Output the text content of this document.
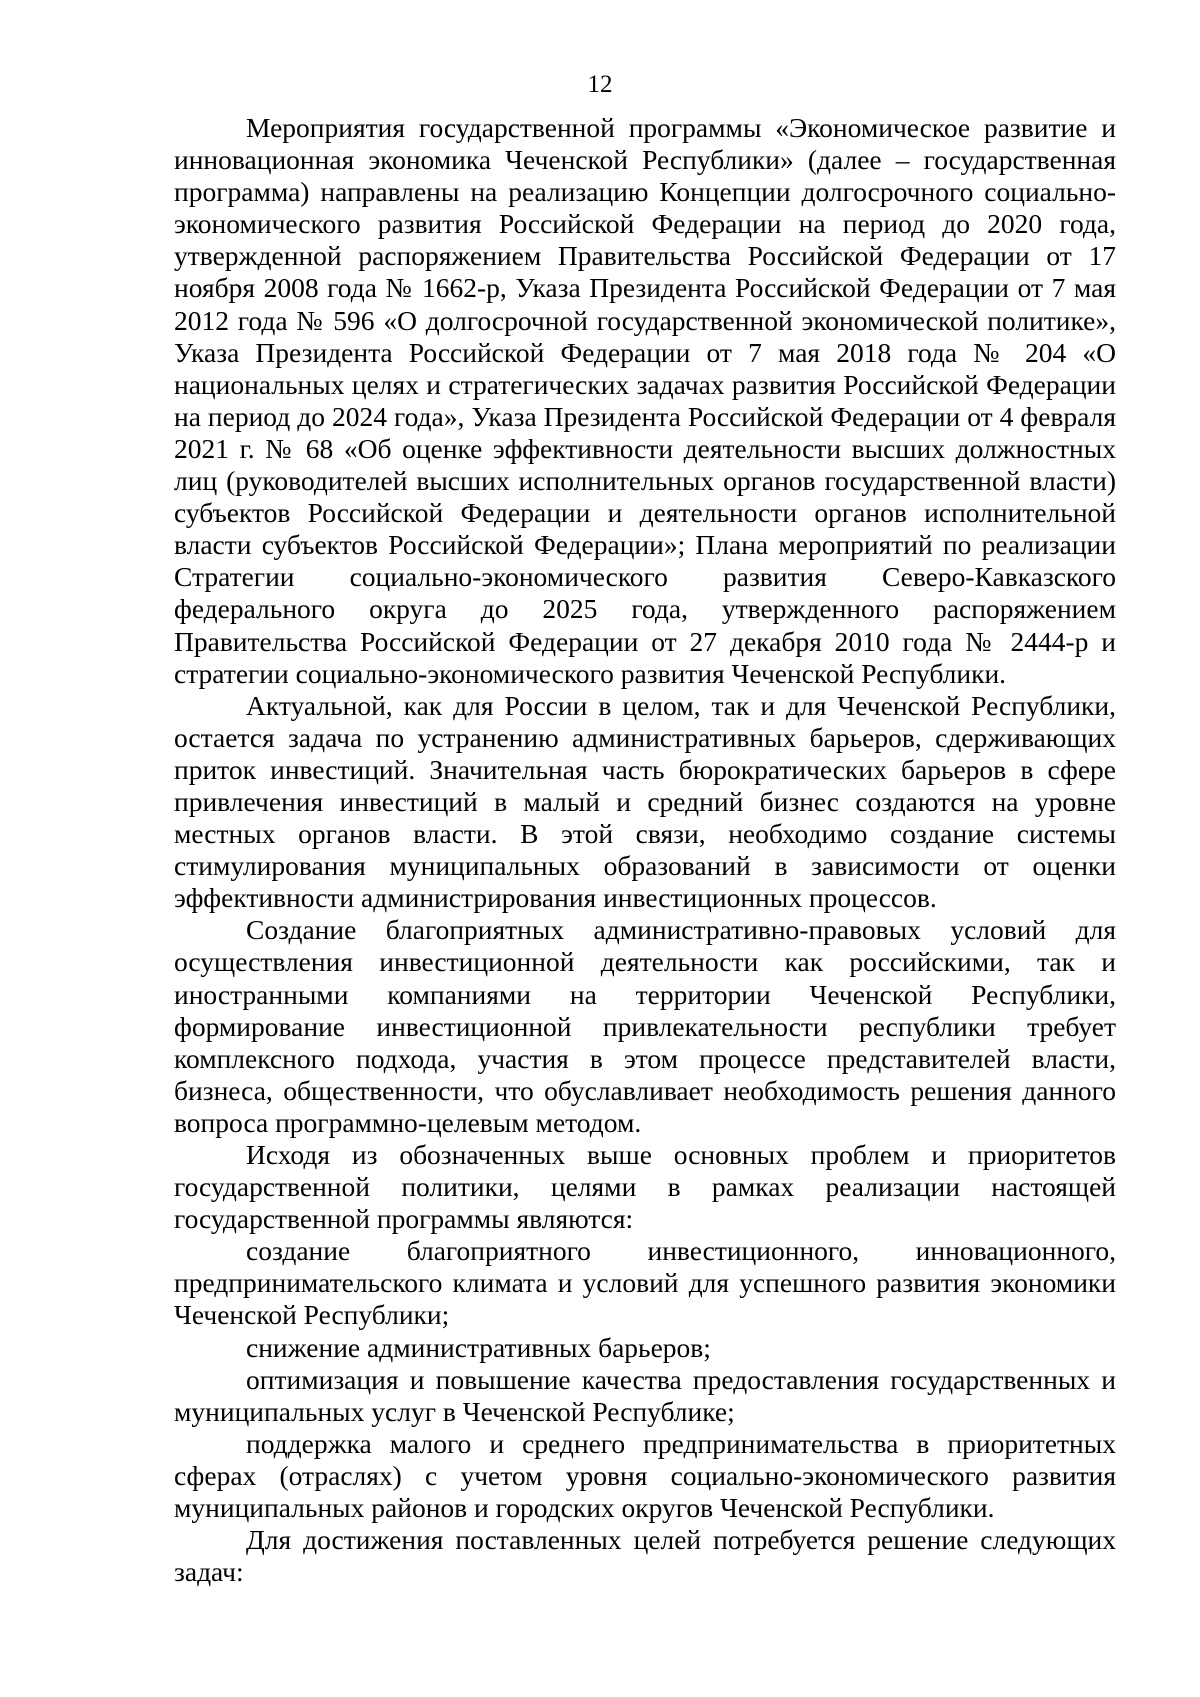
12

Мероприятия государственной программы «Экономическое развитие и инновационная экономика Чеченской Республики» (далее – государственная программа) направлены на реализацию Концепции долгосрочного социально-экономического развития Российской Федерации на период до 2020 года, утвержденной распоряжением Правительства Российской Федерации от 17 ноября 2008 года № 1662-р, Указа Президента Российской Федерации от 7 мая 2012 года № 596 «О долгосрочной государственной экономической политике», Указа Президента Российской Федерации от 7 мая 2018 года № 204 «О национальных целях и стратегических задачах развития Российской Федерации на период до 2024 года», Указа Президента Российской Федерации от 4 февраля 2021 г. № 68 «Об оценке эффективности деятельности высших должностных лиц (руководителей высших исполнительных органов государственной власти) субъектов Российской Федерации и деятельности органов исполнительной власти субъектов Российской Федерации»; Плана мероприятий по реализации Стратегии социально-экономического развития Северо-Кавказского федерального округа до 2025 года, утвержденного распоряжением Правительства Российской Федерации от 27 декабря 2010 года № 2444-р и стратегии социально-экономического развития Чеченской Республики.

Актуальной, как для России в целом, так и для Чеченской Республики, остается задача по устранению административных барьеров, сдерживающих приток инвестиций. Значительная часть бюрократических барьеров в сфере привлечения инвестиций в малый и средний бизнес создаются на уровне местных органов власти. В этой связи, необходимо создание системы стимулирования муниципальных образований в зависимости от оценки эффективности администрирования инвестиционных процессов.

Создание благоприятных административно-правовых условий для осуществления инвестиционной деятельности как российскими, так и иностранными компаниями на территории Чеченской Республики, формирование инвестиционной привлекательности республики требует комплексного подхода, участия в этом процессе представителей власти, бизнеса, общественности, что обуславливает необходимость решения данного вопроса программно-целевым методом.

Исходя из обозначенных выше основных проблем и приоритетов государственной политики, целями в рамках реализации настоящей государственной программы являются:

создание благоприятного инвестиционного, инновационного, предпринимательского климата и условий для успешного развития экономики Чеченской Республики;

снижение административных барьеров;

оптимизация и повышение качества предоставления государственных и муниципальных услуг в Чеченской Республике;

поддержка малого и среднего предпринимательства в приоритетных сферах (отраслях) с учетом уровня социально-экономического развития муниципальных районов и городских округов Чеченской Республики.

Для достижения поставленных целей потребуется решение следующих задач:
